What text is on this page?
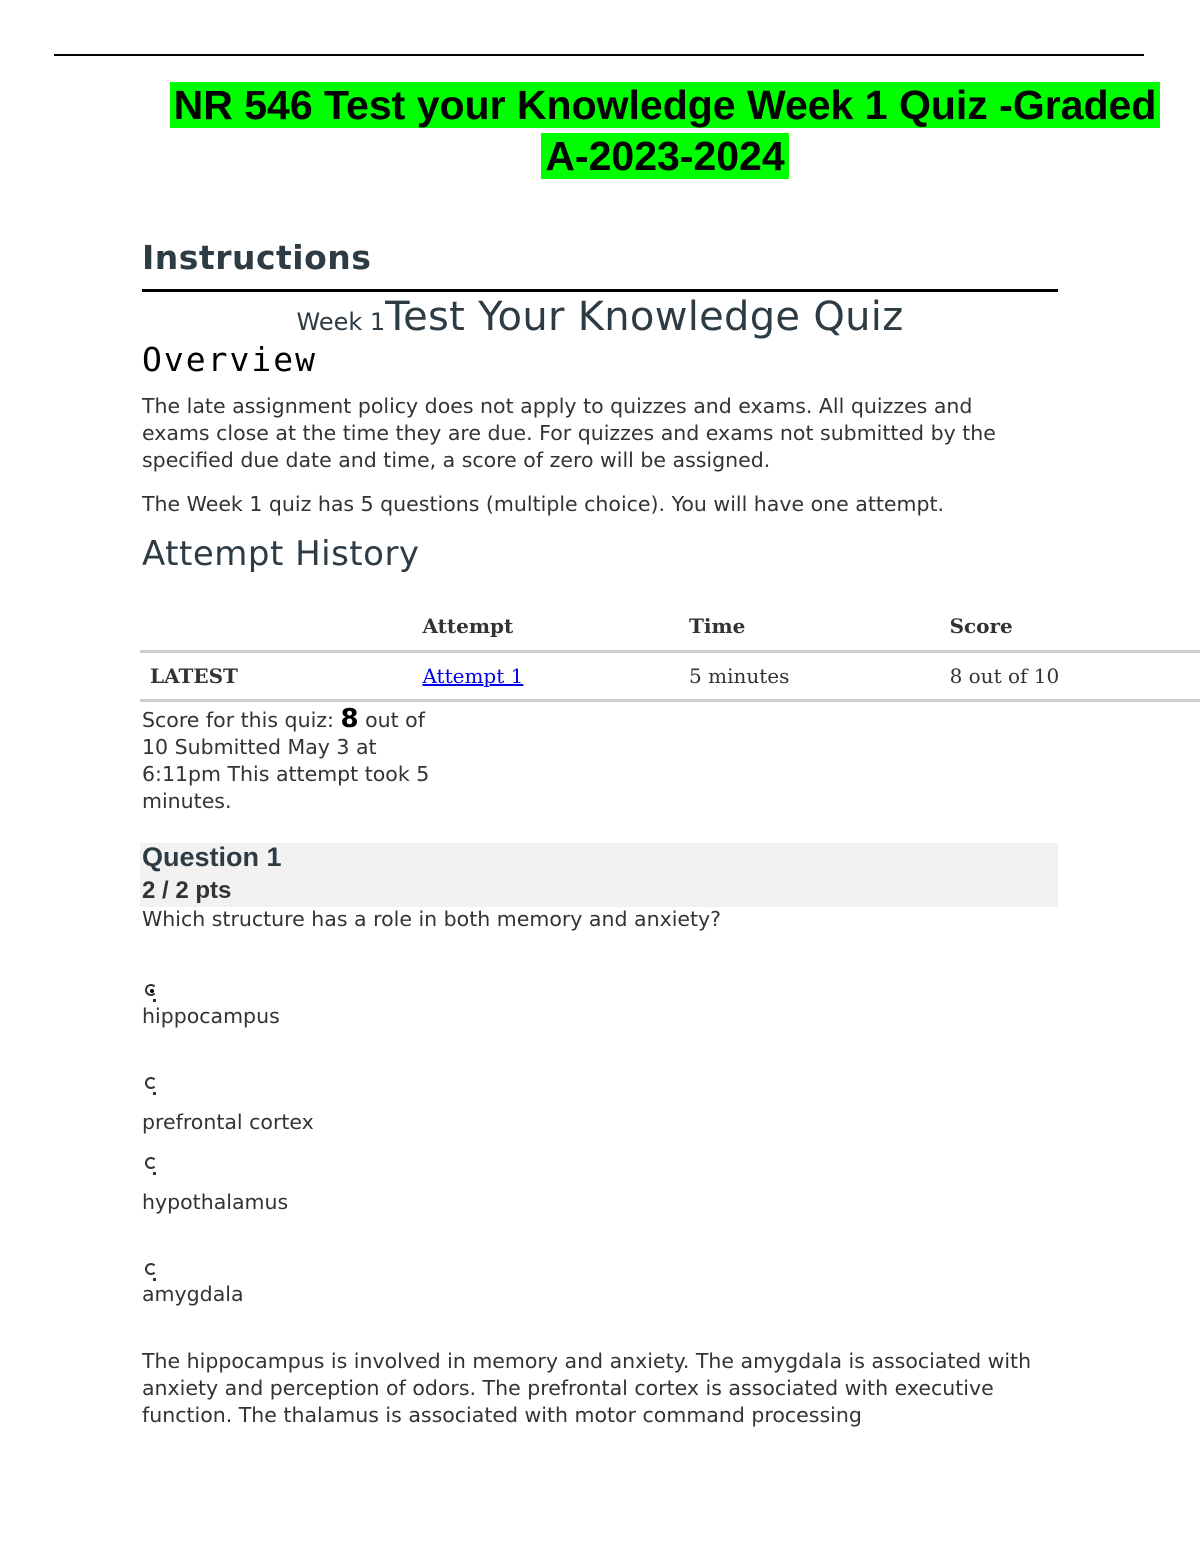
NR 546 Test your Knowledge Week 1 Quiz -Graded
A-2023-2024
Instructions
Week 1Test Your Knowledge Quiz
Overview
The late assignment policy does not apply to quizzes and exams. All quizzes and exams close at the time they are due. For quizzes and exams not submitted by the specified due date and time, a score of zero will be assigned.
The Week 1 quiz has 5 questions (multiple choice). You will have one attempt.
Attempt History
	Attempt	Time	Score
LATEST	Attempt 1	5 minutes	8 out of 10
Score for this quiz: 8 out of 10 Submitted May 3 at 6:11pm This attempt took 5 minutes.
Question 1
2 / 2 pts
Which structure has a role in both memory and anxiety?
hippocampus
prefrontal cortex
hypothalamus
amygdala
The hippocampus is involved in memory and anxiety. The amygdala is associated with anxiety and perception of odors. The prefrontal cortex is associated with executive function. The thalamus is associated with motor command processing
